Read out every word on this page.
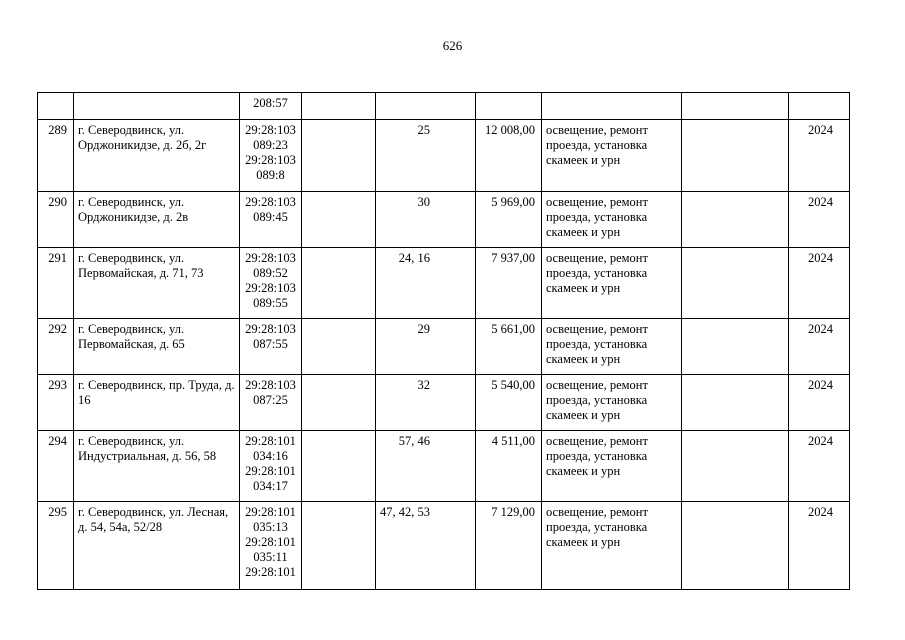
626

		208:57						

289	г. Северодвинск, ул. Орджоникидзе, д. 2б, 2г	29:28:103
089:23
29:28:103
089:8		25	12 008,00	освещение, ремонт проезда, установка скамеек и урн		2024
290	г. Северодвинск, ул. Орджоникидзе, д. 2в	29:28:103
089:45		30	5 969,00	освещение, ремонт проезда, установка скамеек и урн		2024
291	г. Северодвинск, ул. Первомайская, д. 71, 73	29:28:103
089:52
29:28:103
089:55		24, 16	7 937,00	освещение, ремонт проезда, установка скамеек и урн		2024
292	г. Северодвинск, ул. Первомайская, д. 65	29:28:103
087:55		29	5 661,00	освещение, ремонт проезда, установка скамеек и урн		2024
293	г. Северодвинск, пр. Труда, д. 16	29:28:103
087:25		32	5 540,00	освещение, ремонт проезда, установка скамеек и урн		2024
294	г. Северодвинск, ул. Индустриальная, д. 56, 58	29:28:101
034:16
29:28:101
034:17		57, 46	4 511,00	освещение, ремонт проезда, установка скамеек и урн		2024
295	г. Северодвинск, ул. Лесная, д. 54, 54а, 52/28	29:28:101
035:13
29:28:101
035:11
29:28:101		47, 42, 53	7 129,00	освещение, ремонт проезда, установка скамеек и урн		2024
